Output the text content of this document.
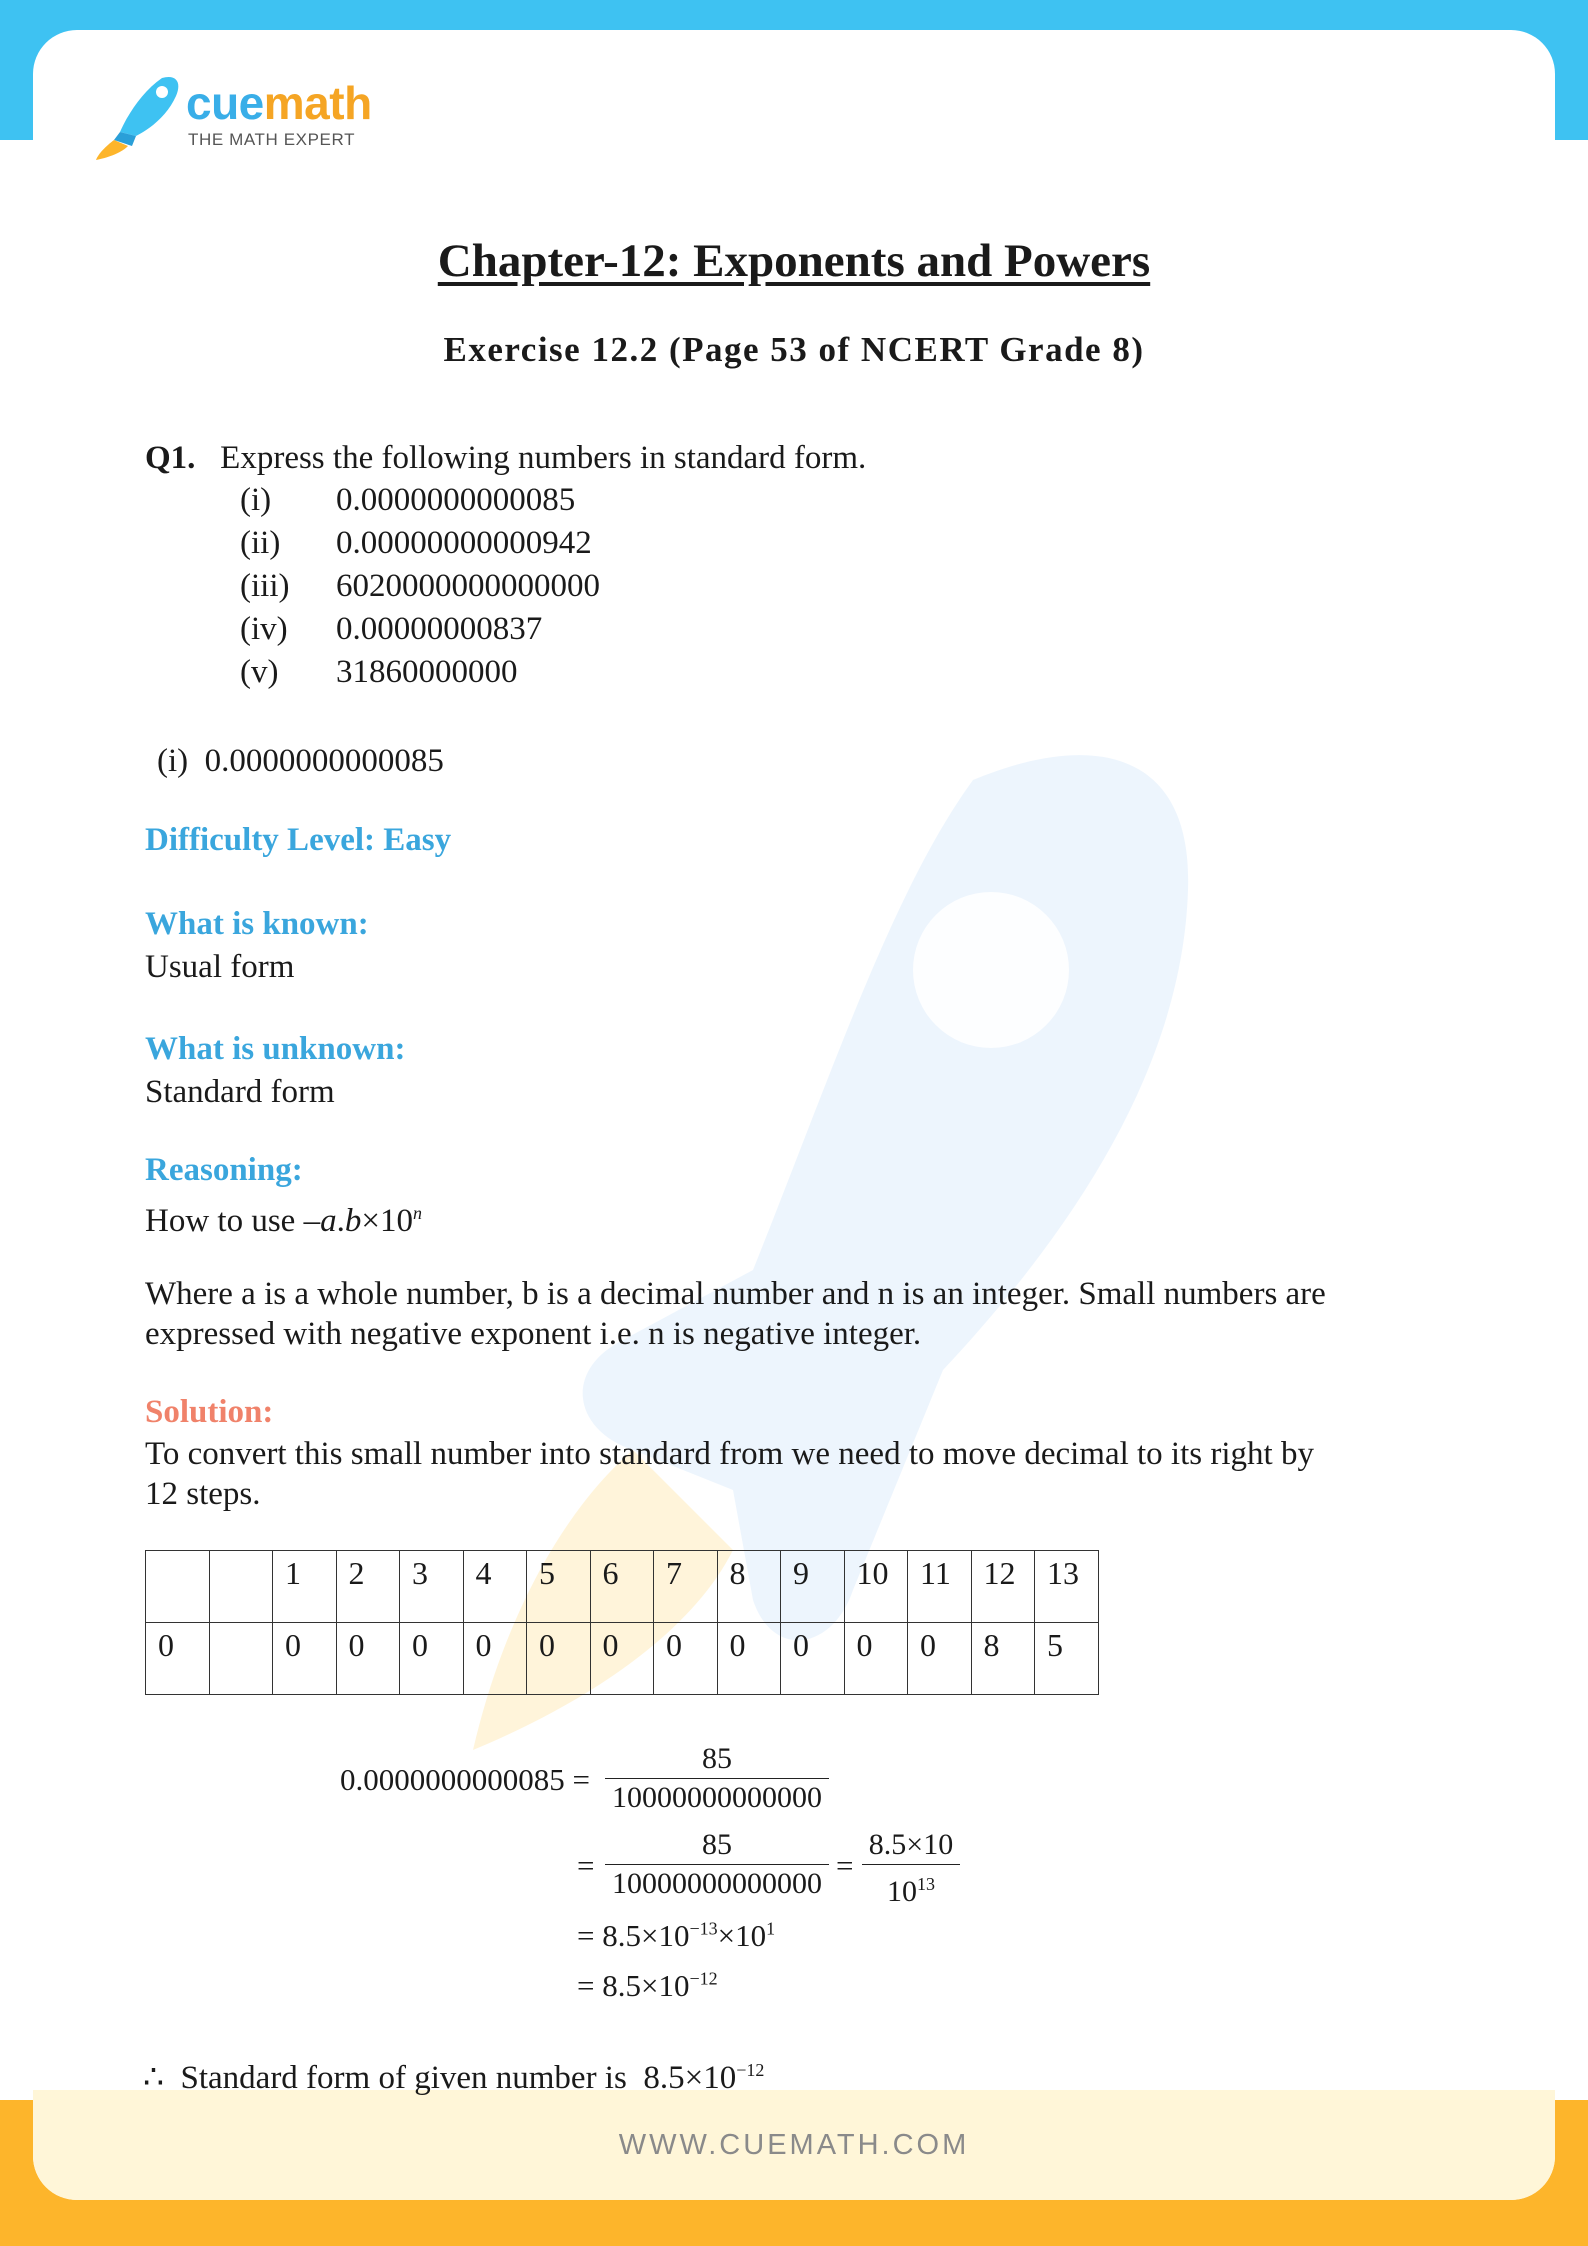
WWW.CUEMATH.COM
cuemath
THE MATH EXPERT
Chapter-12: Exponents and Powers
Exercise 12.2 (Page 53 of NCERT Grade 8)
Q1. Express the following numbers in standard form.
(i) 0.0000000000085
(ii) 0.00000000000942
(iii) 6020000000000000
(iv) 0.00000000837
(v) 31860000000
(i) 0.0000000000085
Difficulty Level: Easy
What is known:
Usual form
What is unknown:
Standard form
Reasoning:
How to use $-a.b\times 10^n$
Where a is a whole number, b is a decimal number and n is an integer. Small numbers are
expressed with negative exponent i.e. n is negative integer.
Solution:
To convert this small number into standard from we need to move decimal to its right by
12 steps.
		1	2	3	4	5	6	7	8	9	10	11	12	13
0		0	0	0	0	0	0	0	0	0	0	0	8	5
$0.0000000000085 = \frac{85}{10000000000000}$
= $\frac{85}{10000000000000} = \frac{8.5\times 10}{10^{13}}$
= $8.5\times 10^{-13}\times 10^1$
= $8.5\times 10^{-12}$
∴ Standard form of given number is $8.5\times 10^{-12}$
